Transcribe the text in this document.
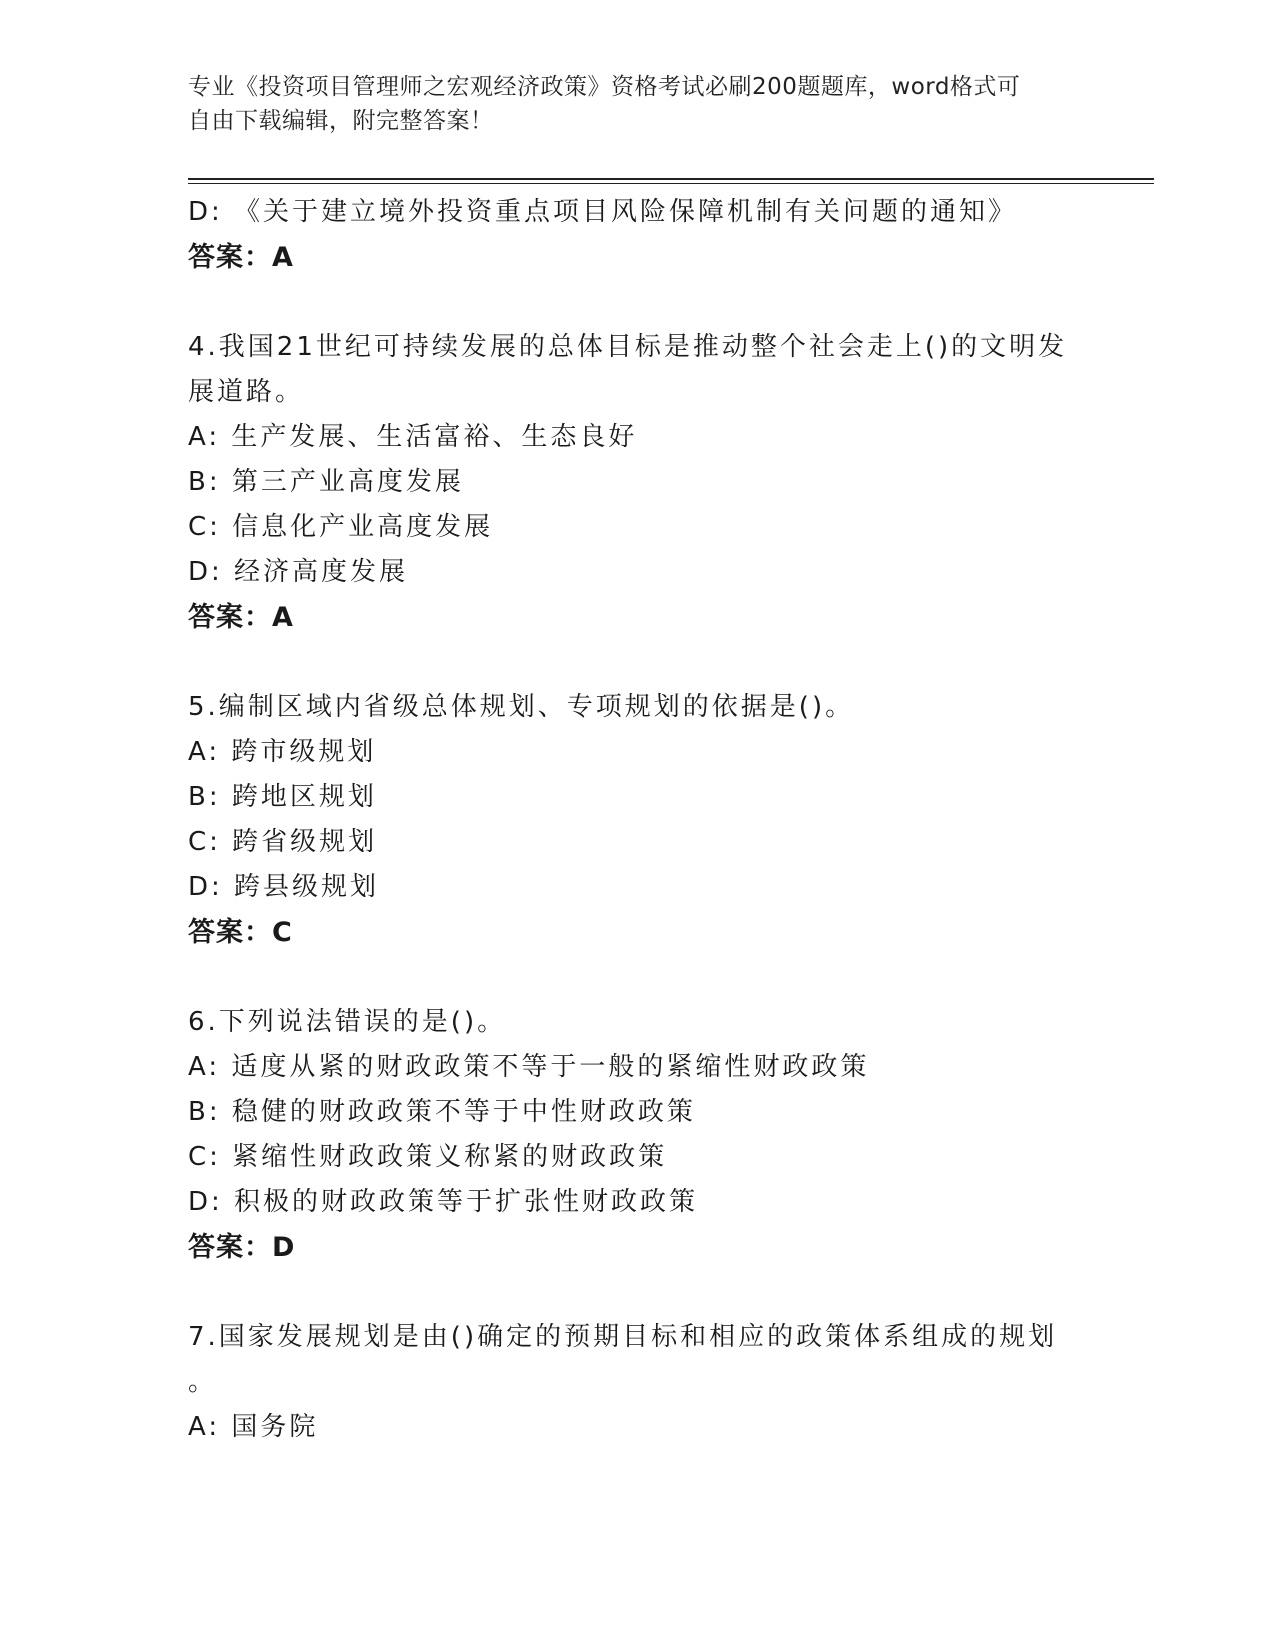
专业《投资项目管理师之宏观经济政策》资格考试必刷200题题库，word格式可
自由下载编辑，附完整答案！
D: 《关于建立境外投资重点项目风险保障机制有关问题的通知》
答案：A
4.我国21世纪可持续发展的总体目标是推动整个社会走上()的文明发
展道路。
A: 生产发展、生活富裕、生态良好
B: 第三产业高度发展
C: 信息化产业高度发展
D: 经济高度发展
答案：A
5.编制区域内省级总体规划、专项规划的依据是()。
A: 跨市级规划
B: 跨地区规划
C: 跨省级规划
D: 跨县级规划
答案：C
6.下列说法错误的是()。
A: 适度从紧的财政政策不等于一般的紧缩性财政政策
B: 稳健的财政政策不等于中性财政政策
C: 紧缩性财政政策义称紧的财政政策
D: 积极的财政政策等于扩张性财政政策
答案：D
7.国家发展规划是由()确定的预期目标和相应的政策体系组成的规划
。
A: 国务院
